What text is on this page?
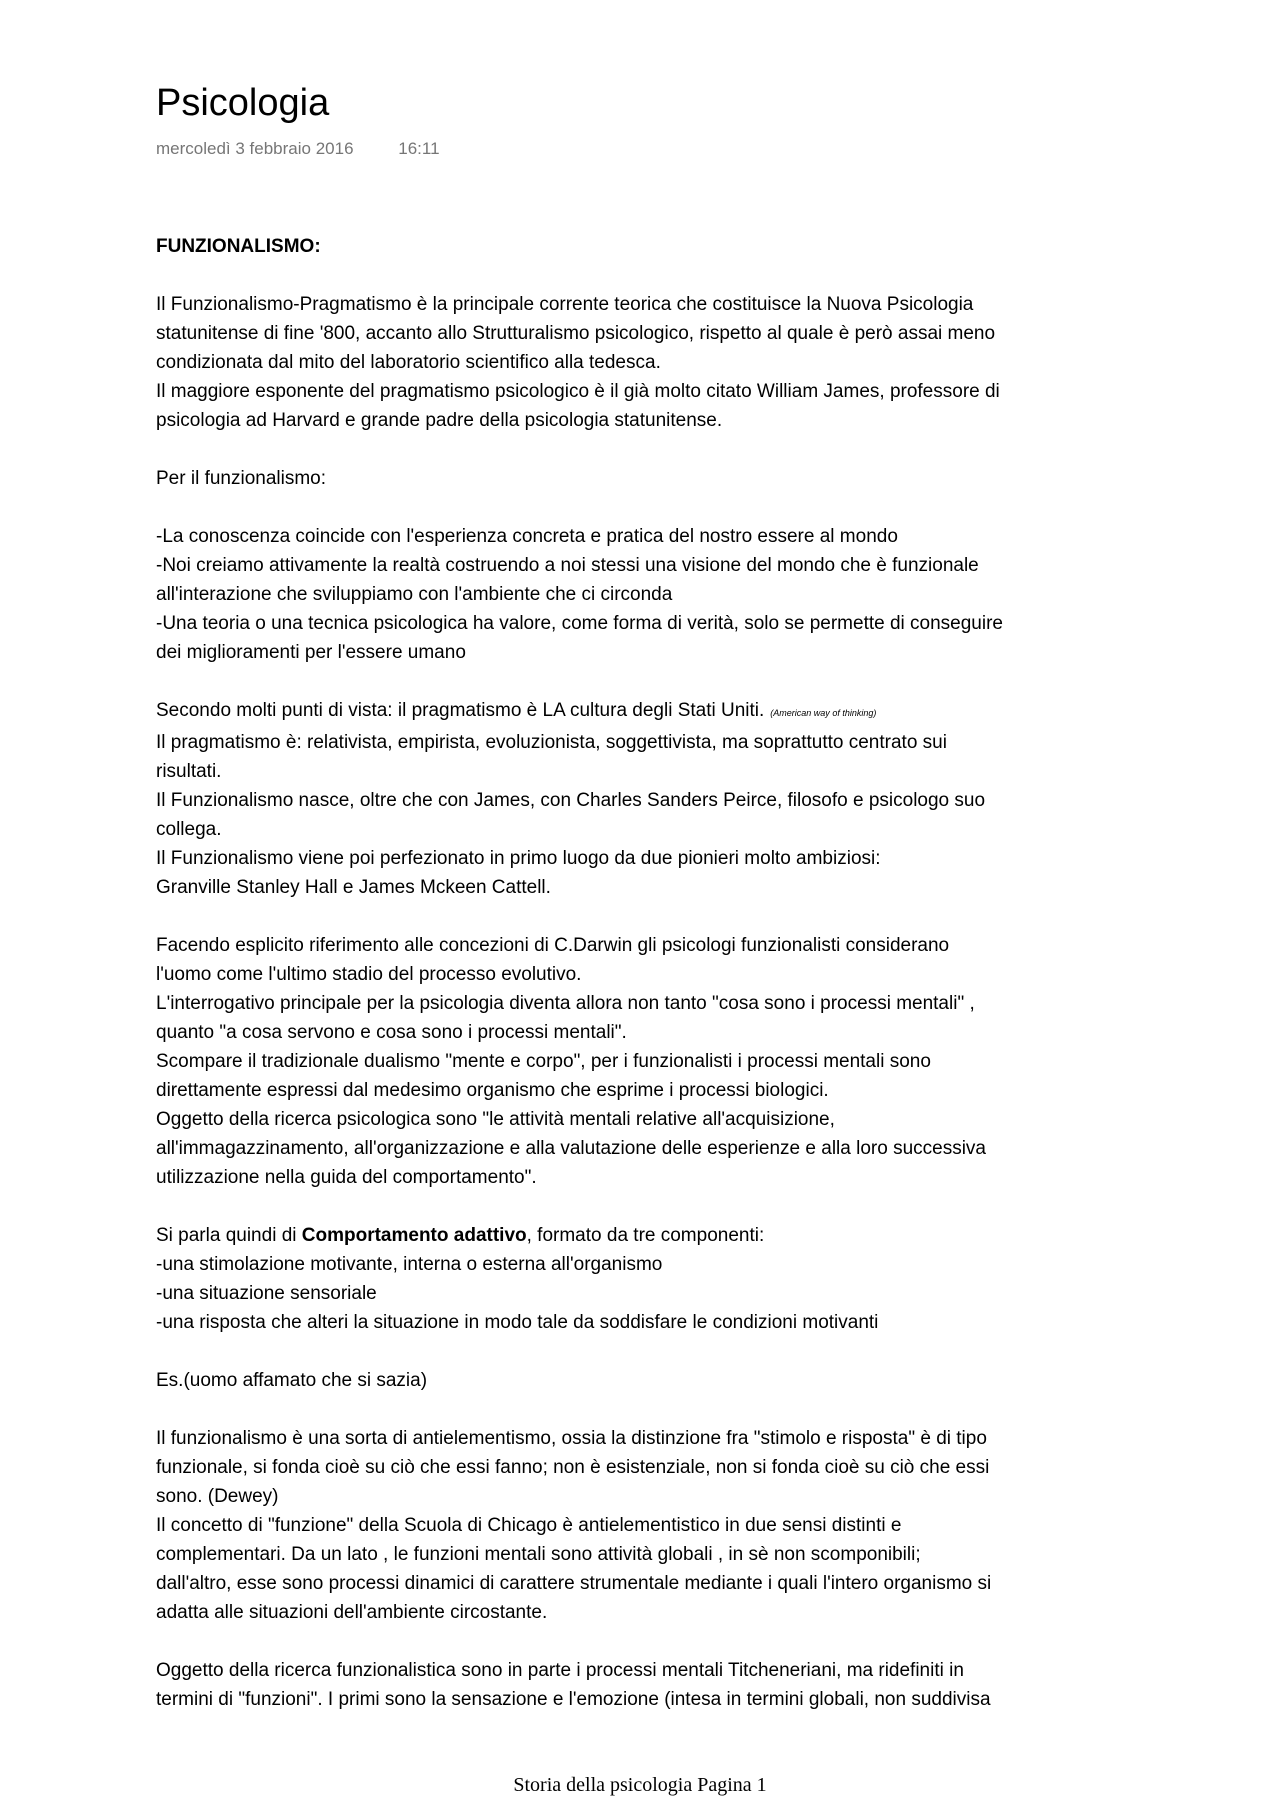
Psicologia
mercoledì 3 febbraio 2016	16:11

FUNZIONALISMO:

Il Funzionalismo-Pragmatismo è la principale corrente teorica che costituisce la Nuova Psicologia
statunitense di fine '800, accanto allo Strutturalismo psicologico, rispetto al quale è però assai meno
condizionata dal mito del laboratorio scientifico alla tedesca.
Il maggiore esponente del pragmatismo psicologico è il già molto citato William James, professore di
psicologia ad Harvard e grande padre della psicologia statunitense.

Per il funzionalismo:

-La conoscenza coincide con l'esperienza concreta e pratica del nostro essere al mondo
-Noi creiamo attivamente la realtà costruendo a noi stessi una visione del mondo che è funzionale
all'interazione che sviluppiamo con l'ambiente che ci circonda
-Una teoria o una tecnica psicologica ha valore, come forma di verità, solo se permette di conseguire
dei miglioramenti per l'essere umano

Secondo molti punti di vista: il pragmatismo è LA cultura degli Stati Uniti. (American way of thinking)
Il pragmatismo è: relativista, empirista, evoluzionista, soggettivista, ma soprattutto centrato sui
risultati.
Il Funzionalismo nasce, oltre che con James, con Charles Sanders Peirce, filosofo e psicologo suo
collega.
Il Funzionalismo viene poi perfezionato in primo luogo da due pionieri molto ambiziosi:
Granville Stanley Hall e James Mckeen Cattell.

Facendo esplicito riferimento alle concezioni di C.Darwin gli psicologi funzionalisti considerano
l'uomo come l'ultimo stadio del processo evolutivo.
L'interrogativo principale per la psicologia diventa allora non tanto "cosa sono i processi mentali" ,
quanto "a cosa servono e cosa sono i processi mentali".
Scompare il tradizionale dualismo "mente e corpo", per i funzionalisti i processi mentali sono
direttamente espressi dal medesimo organismo che esprime i processi biologici.
Oggetto della ricerca psicologica sono "le attività mentali relative all'acquisizione,
all'immagazzinamento, all'organizzazione e alla valutazione delle esperienze e alla loro successiva
utilizzazione nella guida del comportamento".

Si parla quindi di Comportamento adattivo, formato da tre componenti:
-una stimolazione motivante, interna o esterna all'organismo
-una situazione sensoriale
-una risposta che alteri la situazione in modo tale da soddisfare le condizioni motivanti

Es.(uomo affamato che si sazia)

Il funzionalismo è una sorta di antielementismo, ossia la distinzione fra "stimolo e risposta" è di tipo
funzionale, si fonda cioè su ciò che essi fanno; non è esistenziale, non si fonda cioè su ciò che essi
sono. (Dewey)
Il concetto di "funzione" della Scuola di Chicago è antielementistico in due sensi distinti e
complementari. Da un lato , le funzioni mentali sono attività globali , in sè non scomponibili;
dall'altro, esse sono processi dinamici di carattere strumentale mediante i quali l'intero organismo si
adatta alle situazioni dell'ambiente circostante.

Oggetto della ricerca funzionalistica sono in parte i processi mentali Titcheneriani, ma ridefiniti in
termini di "funzioni". I primi sono la sensazione e l'emozione (intesa in termini globali, non suddivisa

Storia della psicologia Pagina 1
